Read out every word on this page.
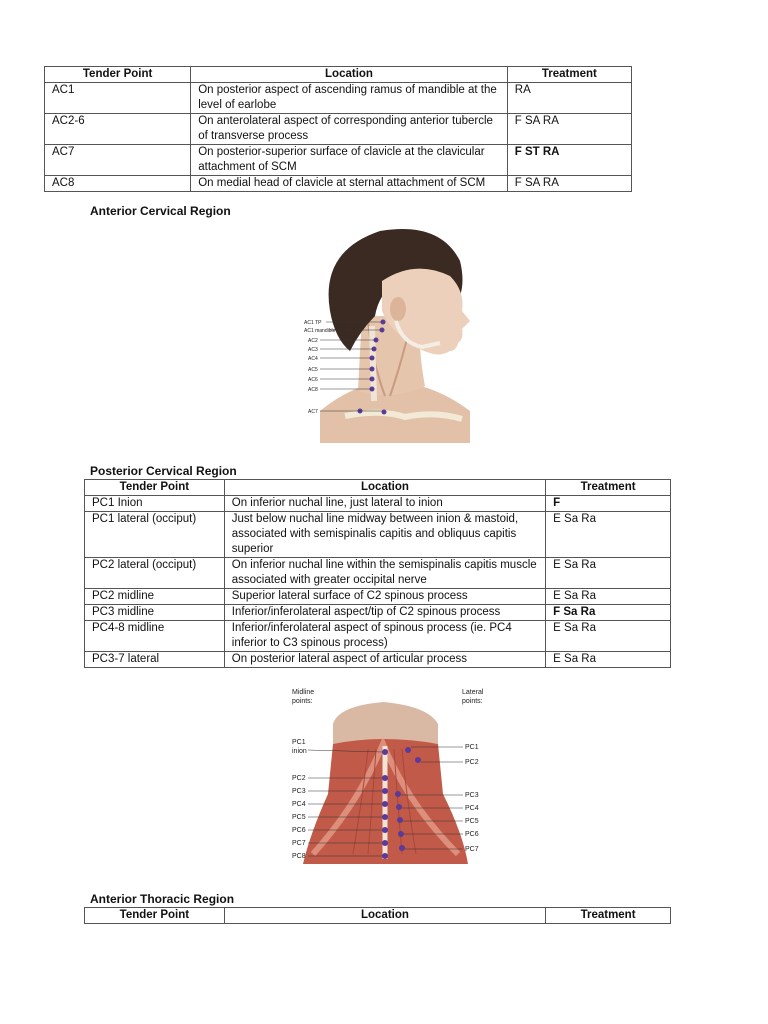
Tender Point	Location	Treatment
AC1	On posterior aspect of ascending ramus of mandible at the level of earlobe	RA
AC2-6	On anterolateral aspect of corresponding anterior tubercle of transverse process	F SA RA
AC7	On posterior-superior surface of clavicle at the clavicular attachment of SCM	F ST RA
AC8	On medial head of clavicle at sternal attachment of SCM	F SA RA
Anterior Cervical Region
AC1 TP
AC1 mandible
AC2
AC3
AC4
AC5
AC6
AC8
AC7
Posterior Cervical Region
Tender Point	Location	Treatment
PC1 Inion	On inferior nuchal line, just lateral to inion	F
PC1 lateral (occiput)	Just below nuchal line midway between inion & mastoid, associated with semispinalis capitis and obliquus capitis superior	E Sa Ra
PC2 lateral (occiput)	On inferior nuchal line within the semispinalis capitis muscle associated with greater occipital nerve	E Sa Ra
PC2 midline	Superior lateral surface of C2 spinous process	E Sa Ra
PC3 midline	Inferior/inferolateral aspect/tip of C2 spinous process	F Sa Ra
PC4-8 midline	Inferior/inferolateral aspect of spinous process (ie. PC4 inferior to C3 spinous process)	E Sa Ra
PC3-7 lateral	On posterior lateral aspect of articular process	E Sa Ra
Midline
points:
Lateral
points:
PC1
inion
PC2
PC3
PC4
PC5
PC6
PC7
PC8
PC1
PC2
PC3
PC4
PC5
PC6
PC7
Anterior Thoracic Region
Tender Point	Location	Treatment
